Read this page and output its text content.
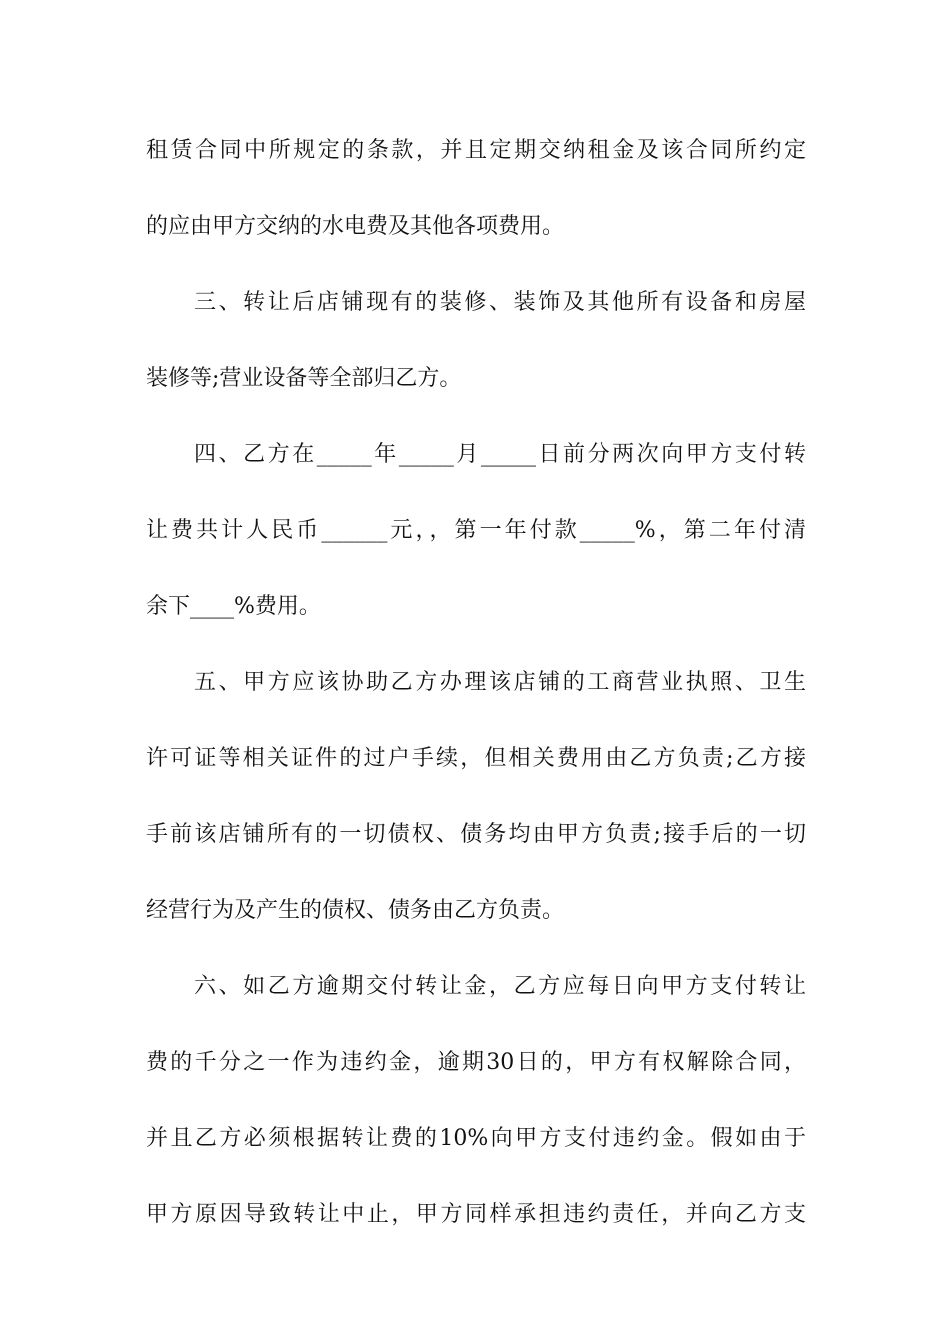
租赁合同中所规定的条款，并且定期交纳租金及该合同所约定
的应由甲方交纳的水电费及其他各项费用。
三、转让后店铺现有的装修、装饰及其他所有设备和房屋
装修等;营业设备等全部归乙方。
四、乙方在_____年_____月_____日前分两次向甲方支付转
让费共计人民币______元，，第一年付款_____%，第二年付清
余下____%费用。
五、甲方应该协助乙方办理该店铺的工商营业执照、卫生
许可证等相关证件的过户手续，但相关费用由乙方负责;乙方接
手前该店铺所有的一切债权、债务均由甲方负责;接手后的一切
经营行为及产生的债权、债务由乙方负责。
六、如乙方逾期交付转让金，乙方应每日向甲方支付转让
费的千分之一作为违约金，逾期30日的，甲方有权解除合同，
并且乙方必须根据转让费的10%向甲方支付违约金。假如由于
甲方原因导致转让中止，甲方同样承担违约责任，并向乙方支
